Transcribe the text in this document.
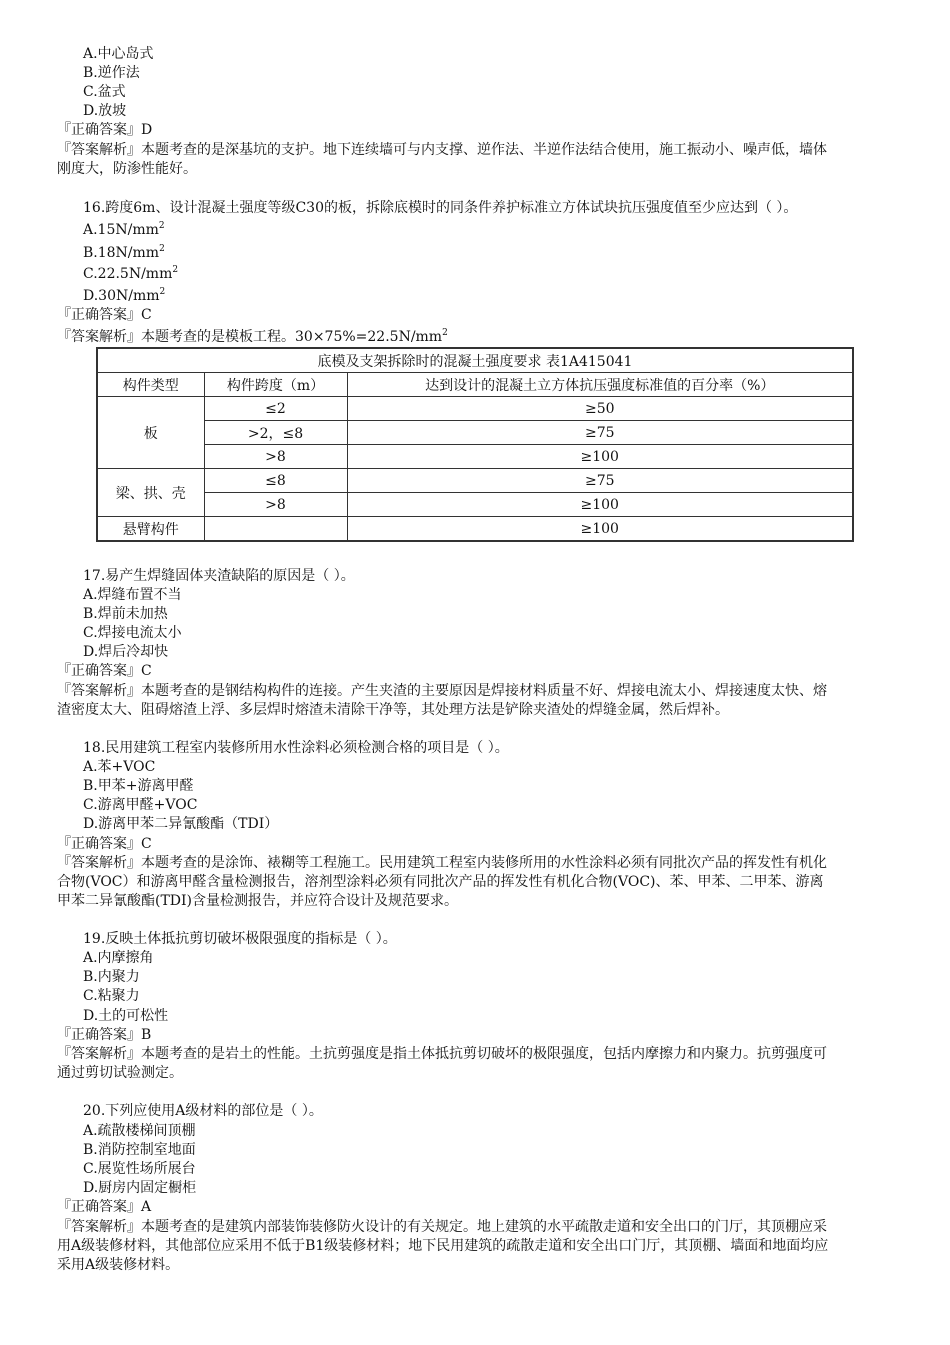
A.中心岛式
B.逆作法
C.盆式
D.放坡
『正确答案』D
『答案解析』本题考查的是深基坑的支护。地下连续墙可与内支撑、逆作法、半逆作法结合使用，施工振动小、噪声低，墙体
刚度大，防渗性能好。
16.跨度6m、设计混凝土强度等级C30的板，拆除底模时的同条件养护标准立方体试块抗压强度值至少应达到（ ）。
$A.15N/mm^2$
$B.18N/mm^2$
$C.22.5N/mm^2$
$D.30N/mm^2$
『正确答案』C
『答案解析』本题考查的是模板工程。$30\times 75\%=22.5N/mm^2$
底模及支架拆除时的混凝土强度要求 表1A415041		
构件类型	构件跨度（m）	达到设计的混凝土立方体抗压强度标准值的百分率（%）
板	≤2	≥50
	>2，≤8	≥75
	>8	≥100
梁、拱、壳	≤8	≥75
	>8	≥100
悬臂构件		≥100
17.易产生焊缝固体夹渣缺陷的原因是（ ）。
A.焊缝布置不当
B.焊前未加热
C.焊接电流太小
D.焊后冷却快
『正确答案』C
『答案解析』本题考查的是钢结构构件的连接。产生夹渣的主要原因是焊接材料质量不好、焊接电流太小、焊接速度太快、熔
渣密度太大、阻碍熔渣上浮、多层焊时熔渣未清除干净等，其处理方法是铲除夹渣处的焊缝金属，然后焊补。
18.民用建筑工程室内装修所用水性涂料必须检测合格的项目是（ ）。
A.苯+VOC
B.甲苯+游离甲醛
C.游离甲醛+VOC
D.游离甲苯二异氰酸酯（TDI）
『正确答案』C
『答案解析』本题考查的是涂饰、裱糊等工程施工。民用建筑工程室内装修所用的水性涂料必须有同批次产品的挥发性有机化
合物(VOC）和游离甲醛含量检测报告，溶剂型涂料必须有同批次产品的挥发性有机化合物(VOC)、苯、甲苯、二甲苯、游离
甲苯二异氰酸酯(TDI)含量检测报告，并应符合设计及规范要求。
19.反映土体抵抗剪切破坏极限强度的指标是（ ）。
A.内摩擦角
B.内聚力
C.粘聚力
D.土的可松性
『正确答案』B
『答案解析』本题考查的是岩土的性能。土抗剪强度是指土体抵抗剪切破坏的极限强度，包括内摩擦力和内聚力。抗剪强度可
通过剪切试验测定。
20.下列应使用A级材料的部位是（ ）。
A.疏散楼梯间顶棚
B.消防控制室地面
C.展览性场所展台
D.厨房内固定橱柜
『正确答案』A
『答案解析』本题考查的是建筑内部装饰装修防火设计的有关规定。地上建筑的水平疏散走道和安全出口的门厅，其顶棚应采
用A级装修材料，其他部位应采用不低于B1级装修材料；地下民用建筑的疏散走道和安全出口门厅，其顶棚、墙面和地面均应
采用A级装修材料。
